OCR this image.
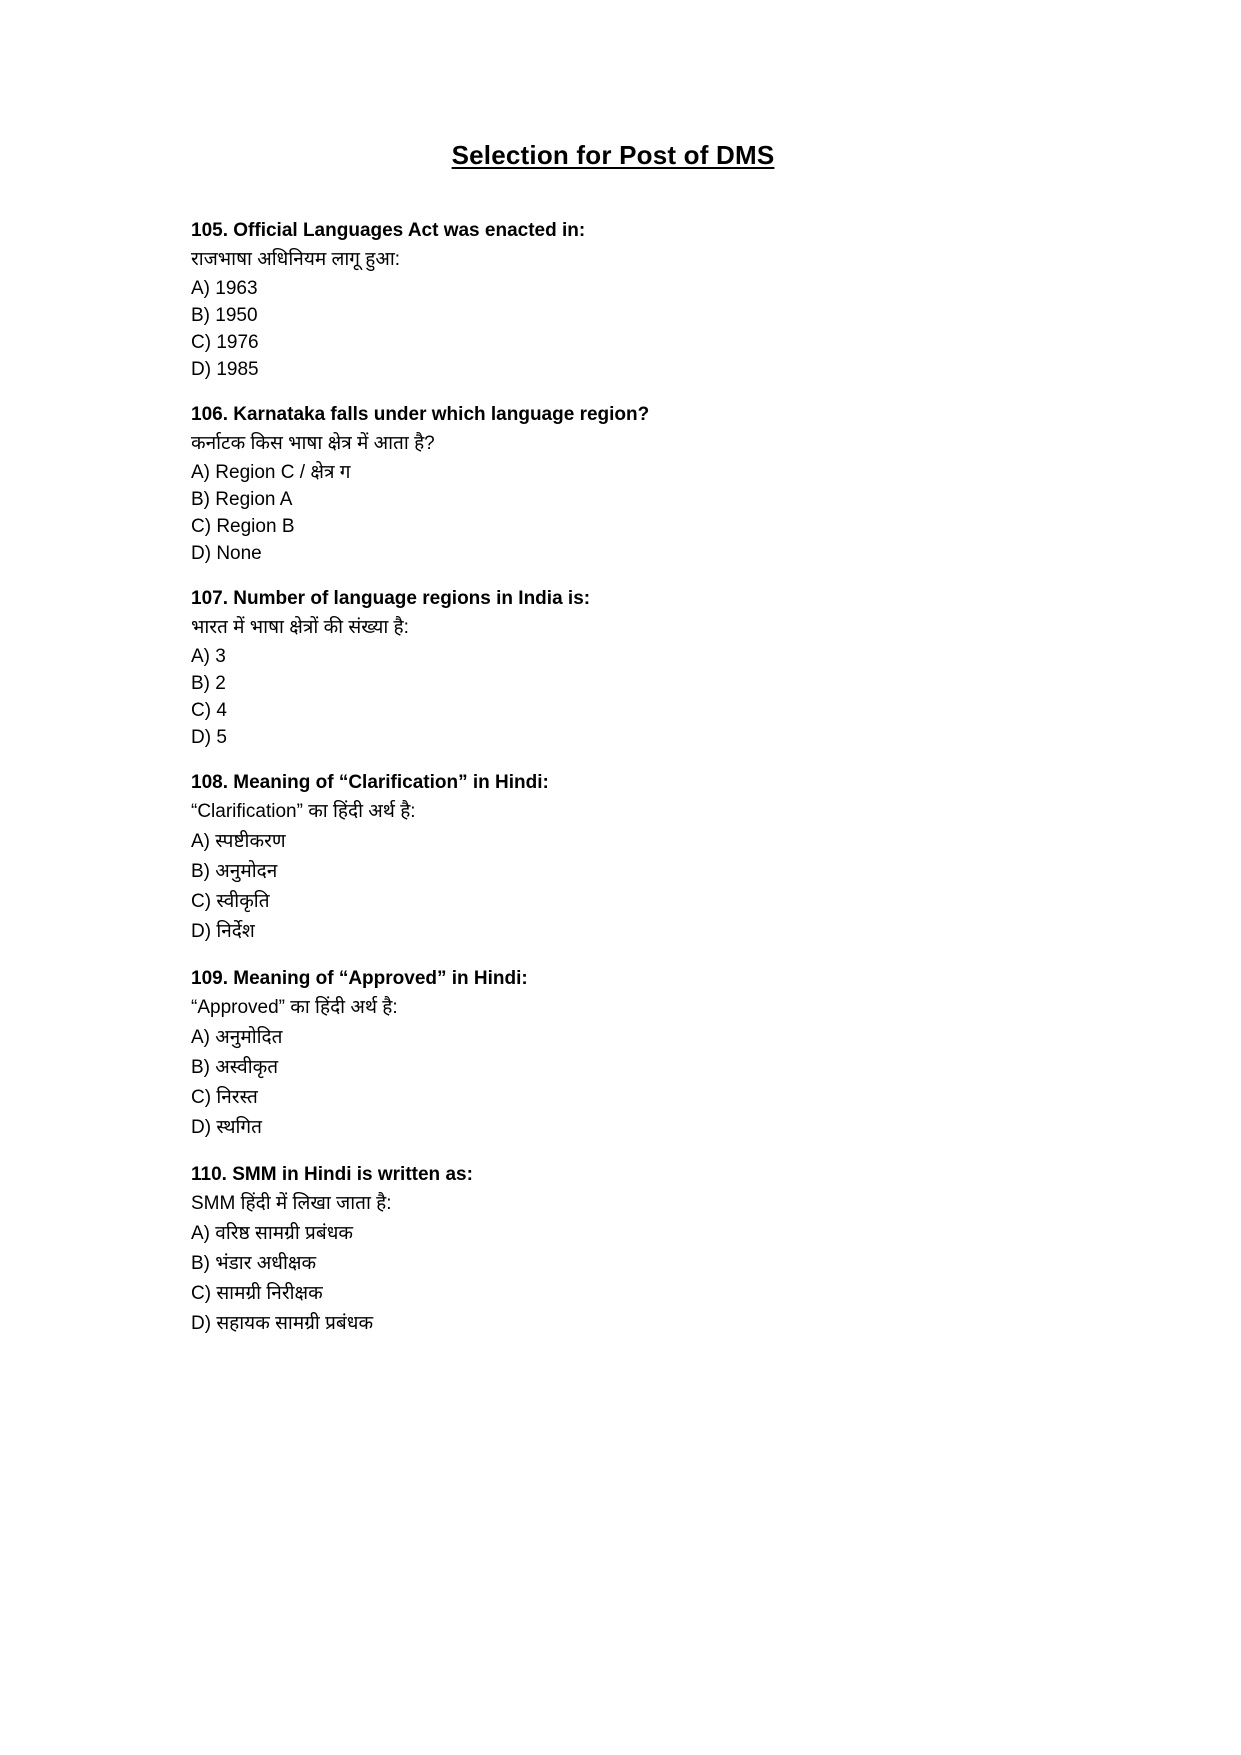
Selection for Post of DMS

105. Official Languages Act was enacted in:

राजभाषा अधिनियम लागू हुआ:

A) 1963

B) 1950

C) 1976

D) 1985

106. Karnataka falls under which language region?

कर्नाटक किस भाषा क्षेत्र में आता है?

A) Region C / क्षेत्र ग

B) Region A

C) Region B

D) None

107. Number of language regions in India is:

भारत में भाषा क्षेत्रों की संख्या है:

A) 3

B) 2

C) 4

D) 5

108. Meaning of “Clarification” in Hindi:

“Clarification” का हिंदी अर्थ है:

A) स्पष्टीकरण

B) अनुमोदन

C) स्वीकृति

D) निर्देश

109. Meaning of “Approved” in Hindi:

“Approved” का हिंदी अर्थ है:

A) अनुमोदित

B) अस्वीकृत

C) निरस्त

D) स्थगित

110. SMM in Hindi is written as:

SMM हिंदी में लिखा जाता है:

A) वरिष्ठ सामग्री प्रबंधक

B) भंडार अधीक्षक

C) सामग्री निरीक्षक

D) सहायक सामग्री प्रबंधक
